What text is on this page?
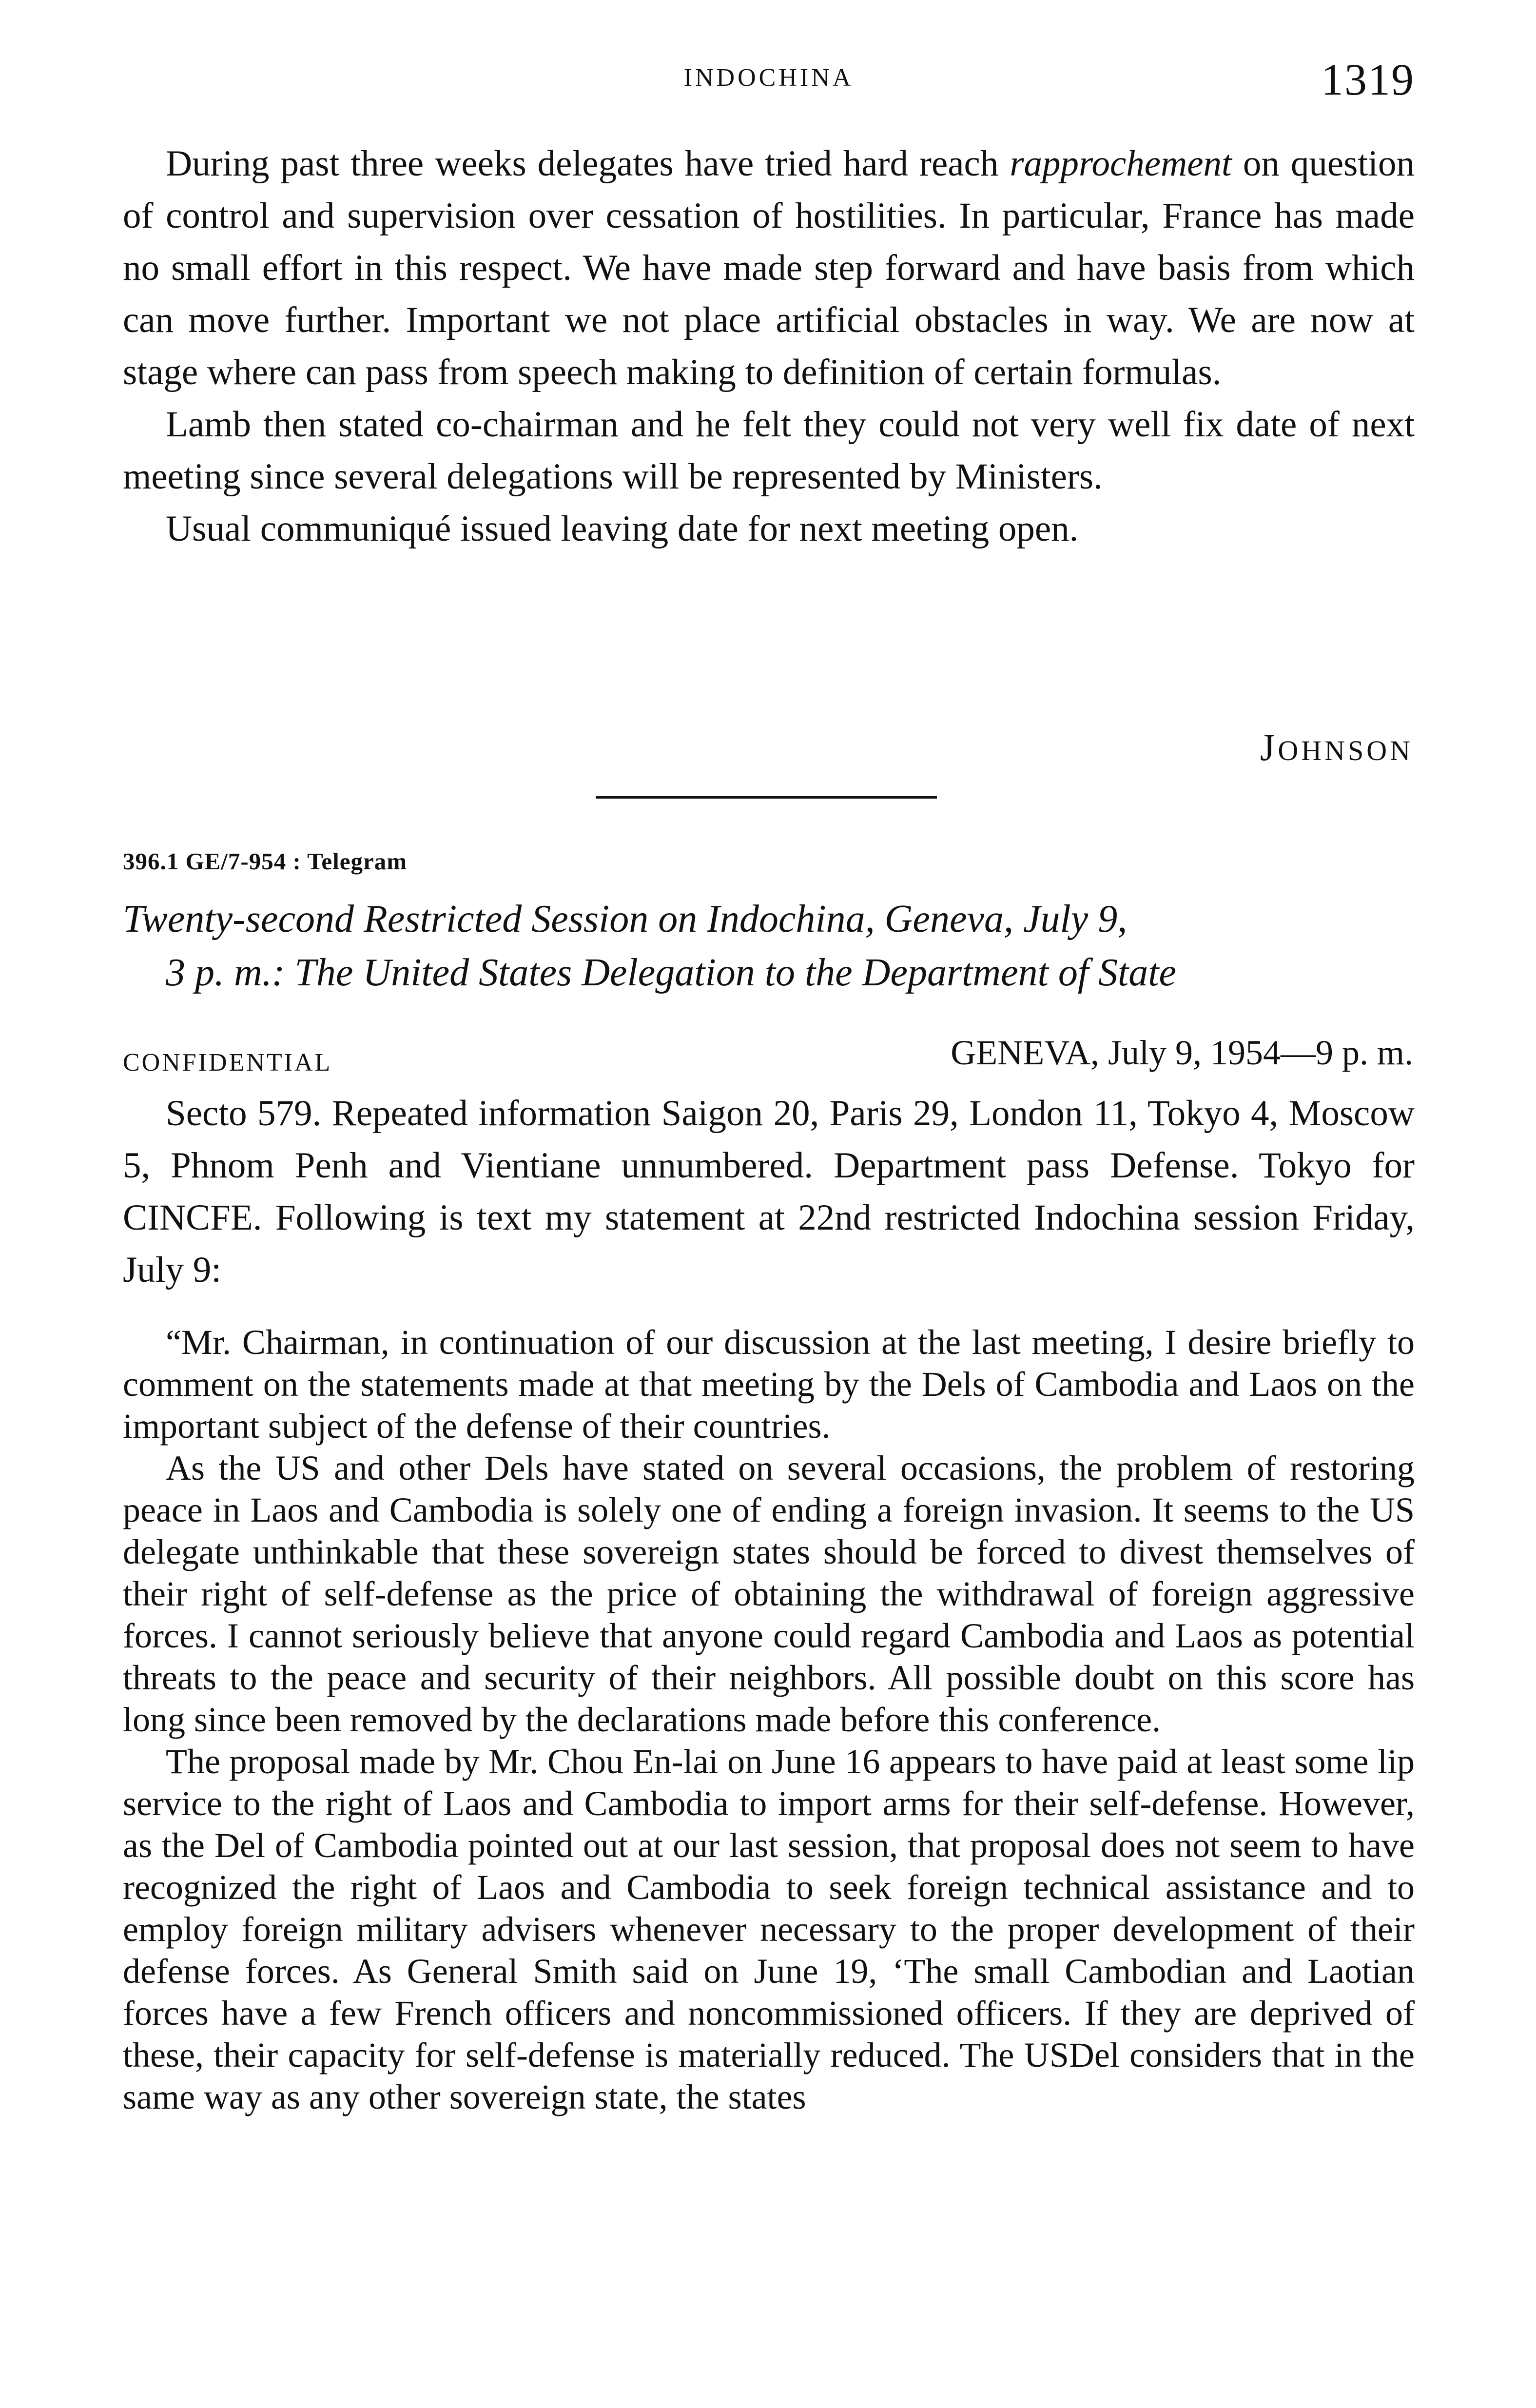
INDOCHINA	1319

During past three weeks delegates have tried hard reach rapprochement on question of control and supervision over cessation of hostilities. In particular, France has made no small effort in this respect. We have made step forward and have basis from which can move further. Important we not place artificial obstacles in way. We are now at stage where can pass from speech making to definition of certain formulas.

Lamb then stated co-chairman and he felt they could not very well fix date of next meeting since several delegations will be represented by Ministers.

Usual communiqué issued leaving date for next meeting open.

JOHNSON
396.1 GE/7-954 : Telegram
Twenty-second Restricted Session on Indochina, Geneva, July 9,
3 p. m.: The United States Delegation to the Department of State
CONFIDENTIAL	GENEVA, July 9, 1954—9 p. m.

Secto 579. Repeated information Saigon 20, Paris 29, London 11, Tokyo 4, Moscow 5, Phnom Penh and Vientiane unnumbered. Department pass Defense. Tokyo for CINCFE. Following is text my statement at 22nd restricted Indochina session Friday, July 9:

“Mr. Chairman, in continuation of our discussion at the last meeting, I desire briefly to comment on the statements made at that meeting by the Dels of Cambodia and Laos on the important subject of the defense of their countries.

As the US and other Dels have stated on several occasions, the problem of restoring peace in Laos and Cambodia is solely one of ending a foreign invasion. It seems to the US delegate unthinkable that these sovereign states should be forced to divest themselves of their right of self-defense as the price of obtaining the withdrawal of foreign aggressive forces. I cannot seriously believe that anyone could regard Cambodia and Laos as potential threats to the peace and security of their neighbors. All possible doubt on this score has long since been removed by the declarations made before this conference.

The proposal made by Mr. Chou En-lai on June 16 appears to have paid at least some lip service to the right of Laos and Cambodia to import arms for their self-defense. However, as the Del of Cambodia pointed out at our last session, that proposal does not seem to have recognized the right of Laos and Cambodia to seek foreign technical assistance and to employ foreign military advisers whenever necessary to the proper development of their defense forces. As General Smith said on June 19, ‘The small Cambodian and Laotian forces have a few French officers and noncommissioned officers. If they are deprived of these, their capacity for self-defense is materially reduced. The USDel considers that in the same way as any other sovereign state, the states
